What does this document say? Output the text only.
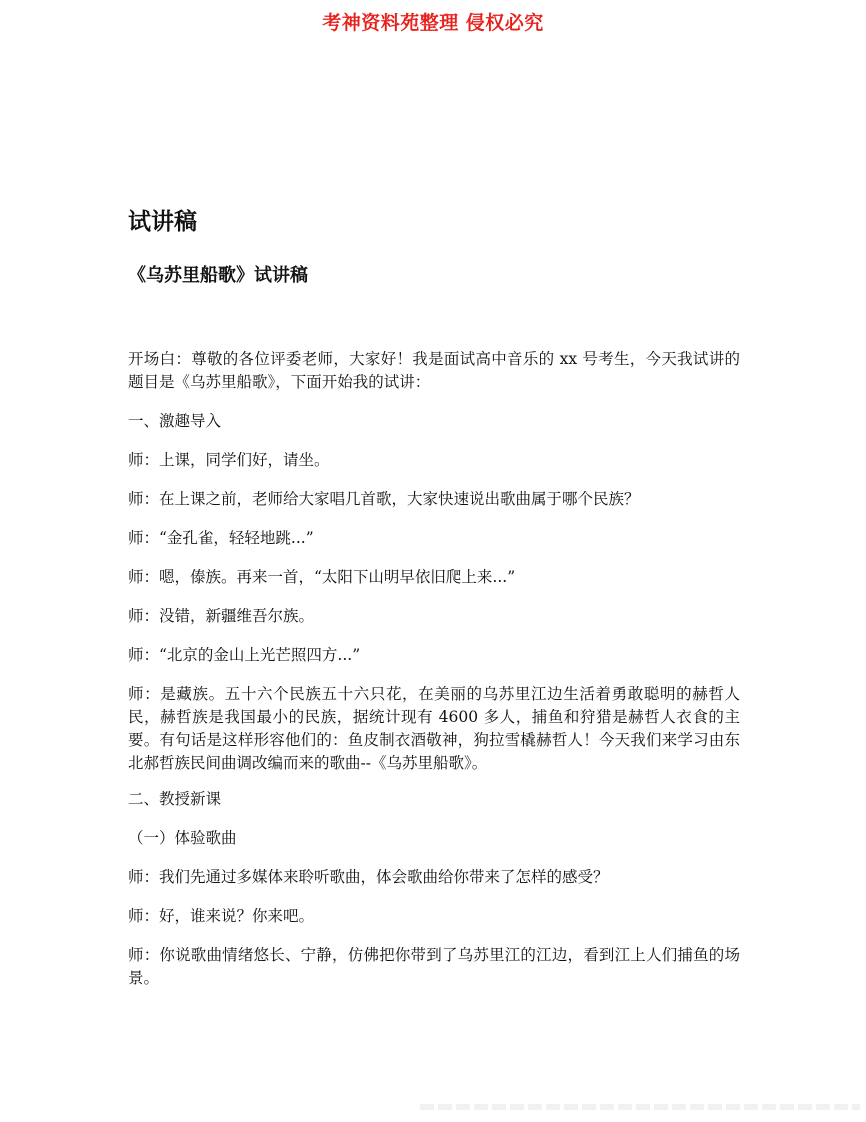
考神资料苑整理 侵权必究
试讲稿
《乌苏里船歌》试讲稿

开场白：尊敬的各位评委老师，大家好！我是面试高中音乐的 xx 号考生，今天我试讲的题目是《乌苏里船歌》，下面开始我的试讲：

一、激趣导入

师：上课，同学们好，请坐。

师：在上课之前，老师给大家唱几首歌，大家快速说出歌曲属于哪个民族？

师：“金孔雀，轻轻地跳...”

师：嗯，傣族。再来一首，“太阳下山明早依旧爬上来...”

师：没错，新疆维吾尔族。

师：“北京的金山上光芒照四方...”

师：是藏族。五十六个民族五十六只花，在美丽的乌苏里江边生活着勇敢聪明的赫哲人民，赫哲族是我国最小的民族，据统计现有 4600 多人，捕鱼和狩猎是赫哲人衣食的主要。有句话是这样形容他们的：鱼皮制衣酒敬神，狗拉雪橇赫哲人！今天我们来学习由东北郝哲族民间曲调改编而来的歌曲--《乌苏里船歌》。

二、教授新课

（一）体验歌曲

师：我们先通过多媒体来聆听歌曲，体会歌曲给你带来了怎样的感受？

师：好，谁来说？你来吧。

师：你说歌曲情绪悠长、宁静，仿佛把你带到了乌苏里江的江边，看到江上人们捕鱼的场景。
